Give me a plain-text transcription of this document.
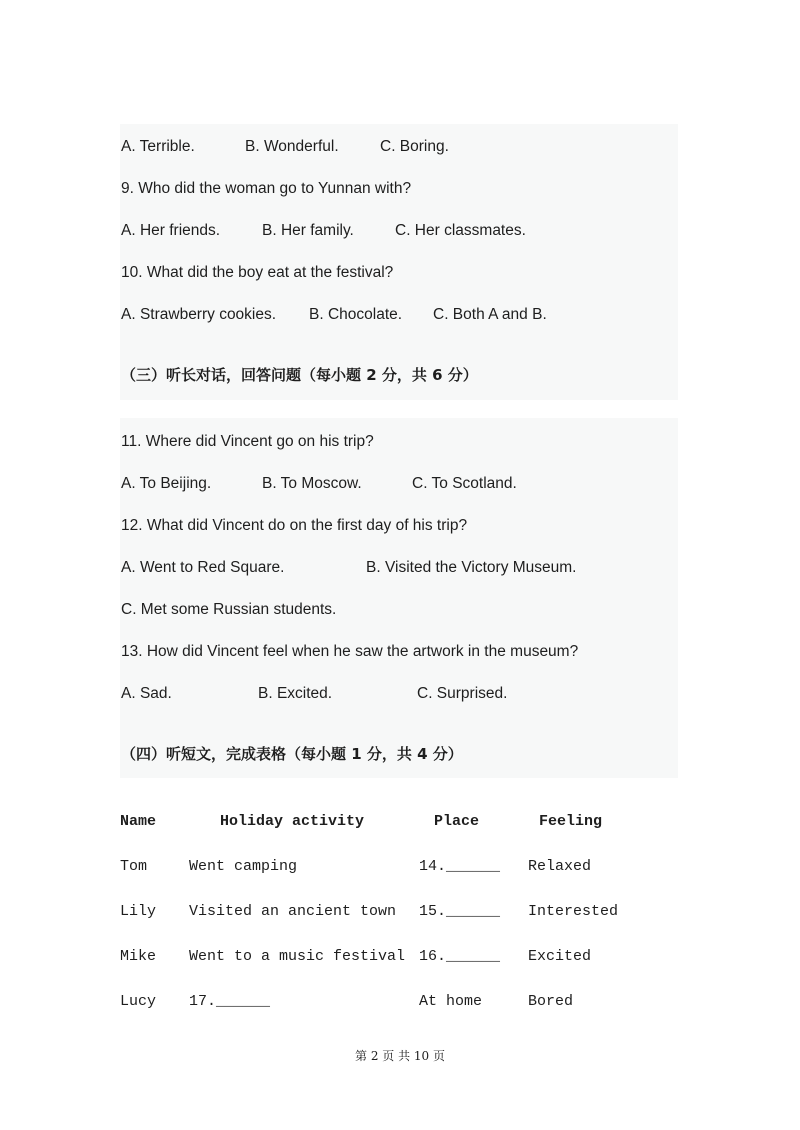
A. Terrible.	B. Wonderful.	C. Boring.
9. Who did the woman go to Yunnan with?
A. Her friends.	B. Her family.	C. Her classmates.
10. What did the boy eat at the festival?
A. Strawberry cookies. B. Chocolate. C. Both A and B.
（三）听长对话，回答问题（每小题 2 分，共 6 分）
11. Where did Vincent go on his trip?
A. To Beijing.	B. To Moscow.	C. To Scotland.
12. What did Vincent do on the first day of his trip?
A. Went to Red Square.	B. Visited the Victory Museum.
C. Met some Russian students.
13. How did Vincent feel when he saw the artwork in the museum?
A. Sad.	B. Excited.	C. Surprised.
（四）听短文，完成表格（每小题 1 分，共 4 分）
Name	Holiday activity	Place	Feeling
Tom	Went camping	14.______ Relaxed
Lily Visited an ancient town 15.______ Interested
Mike Went to a music festival 16.______ Excited
Lucy 17.______	At home	Bored
第 2 页 共 10 页
